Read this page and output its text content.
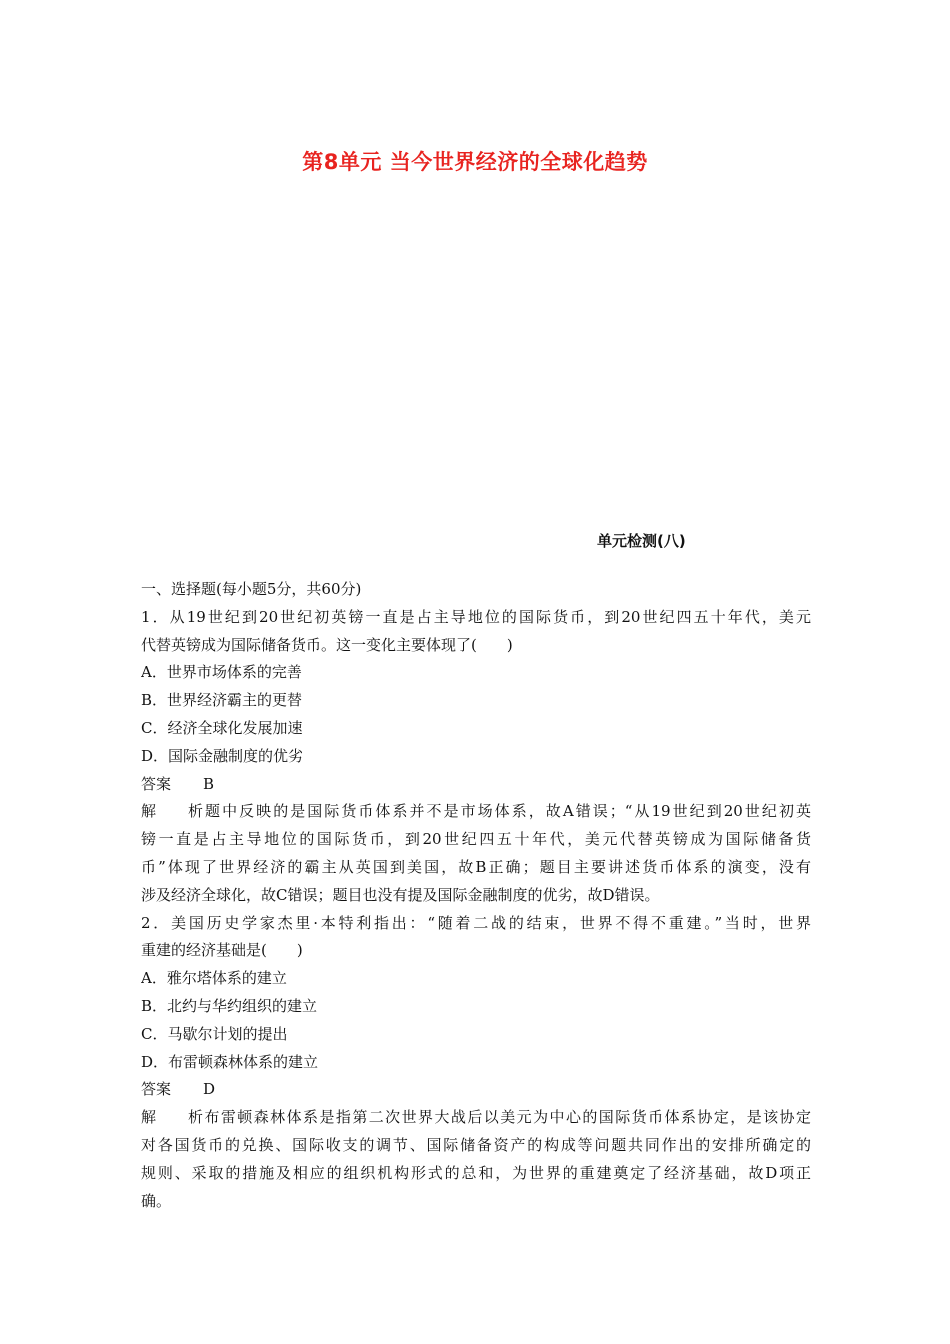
第8单元 当今世界经济的全球化趋势
单元检测(八)
一、选择题(每小题5分，共60分)
1．从19世纪到20世纪初英镑一直是占主导地位的国际货币，到20世纪四五十年代，美元
代替英镑成为国际储备货币。这一变化主要体现了(　　)
A．世界市场体系的完善
B．世界经济霸主的更替
C．经济全球化发展加速
D．国际金融制度的优劣
答案 B
解析题中反映的是国际货币体系并不是市场体系，故A错误；“从19世纪到20世纪初英
镑一直是占主导地位的国际货币，到20世纪四五十年代，美元代替英镑成为国际储备货
币”体现了世界经济的霸主从英国到美国，故B正确；题目主要讲述货币体系的演变，没有
涉及经济全球化，故C错误；题目也没有提及国际金融制度的优劣，故D错误。
2．美国历史学家杰里·本特利指出：“随着二战的结束，世界不得不重建。”当时，世界
重建的经济基础是(　　)
A．雅尔塔体系的建立
B．北约与华约组织的建立
C．马歇尔计划的提出
D．布雷顿森林体系的建立
答案 D
解析布雷顿森林体系是指第二次世界大战后以美元为中心的国际货币体系协定，是该协定
对各国货币的兑换、国际收支的调节、国际储备资产的构成等问题共同作出的安排所确定的
规则、采取的措施及相应的组织机构形式的总和，为世界的重建奠定了经济基础，故D项正
确。
